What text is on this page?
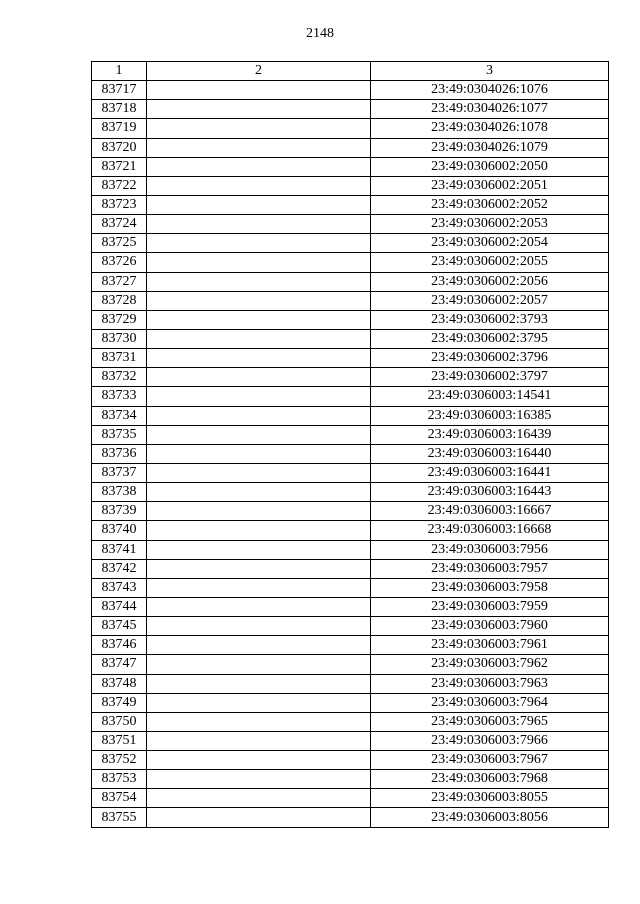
2148
1	2	3
83717		23:49:0304026:1076
83718		23:49:0304026:1077
83719		23:49:0304026:1078
83720		23:49:0304026:1079
83721		23:49:0306002:2050
83722		23:49:0306002:2051
83723		23:49:0306002:2052
83724		23:49:0306002:2053
83725		23:49:0306002:2054
83726		23:49:0306002:2055
83727		23:49:0306002:2056
83728		23:49:0306002:2057
83729		23:49:0306002:3793
83730		23:49:0306002:3795
83731		23:49:0306002:3796
83732		23:49:0306002:3797
83733		23:49:0306003:14541
83734		23:49:0306003:16385
83735		23:49:0306003:16439
83736		23:49:0306003:16440
83737		23:49:0306003:16441
83738		23:49:0306003:16443
83739		23:49:0306003:16667
83740		23:49:0306003:16668
83741		23:49:0306003:7956
83742		23:49:0306003:7957
83743		23:49:0306003:7958
83744		23:49:0306003:7959
83745		23:49:0306003:7960
83746		23:49:0306003:7961
83747		23:49:0306003:7962
83748		23:49:0306003:7963
83749		23:49:0306003:7964
83750		23:49:0306003:7965
83751		23:49:0306003:7966
83752		23:49:0306003:7967
83753		23:49:0306003:7968
83754		23:49:0306003:8055
83755		23:49:0306003:8056
